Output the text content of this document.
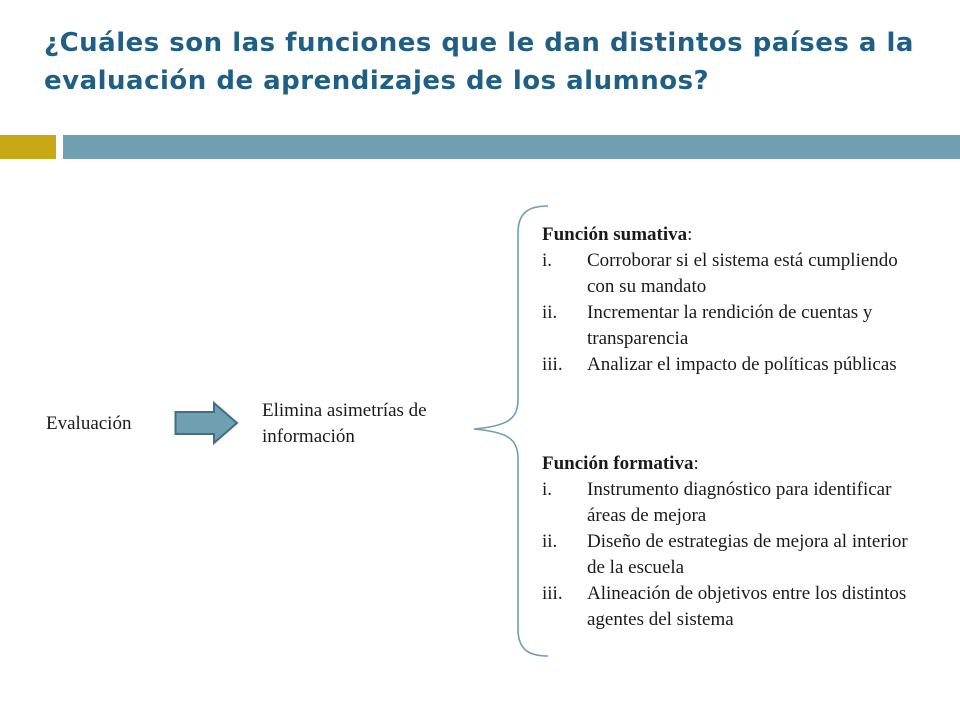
¿Cuáles son las funciones que le dan distintos países a la evaluación de aprendizajes de los alumnos?
Evaluación
Elimina asimetrías de información
Función sumativa:
i. Corroborar si el sistema está cumpliendo con su mandato
ii. Incrementar la rendición de cuentas y transparencia
iii. Analizar el impacto de políticas públicas
Función formativa:
i. Instrumento diagnóstico para identificar áreas de mejora
ii. Diseño de estrategias de mejora al interior de la escuela
iii. Alineación de objetivos entre los distintos agentes del sistema
